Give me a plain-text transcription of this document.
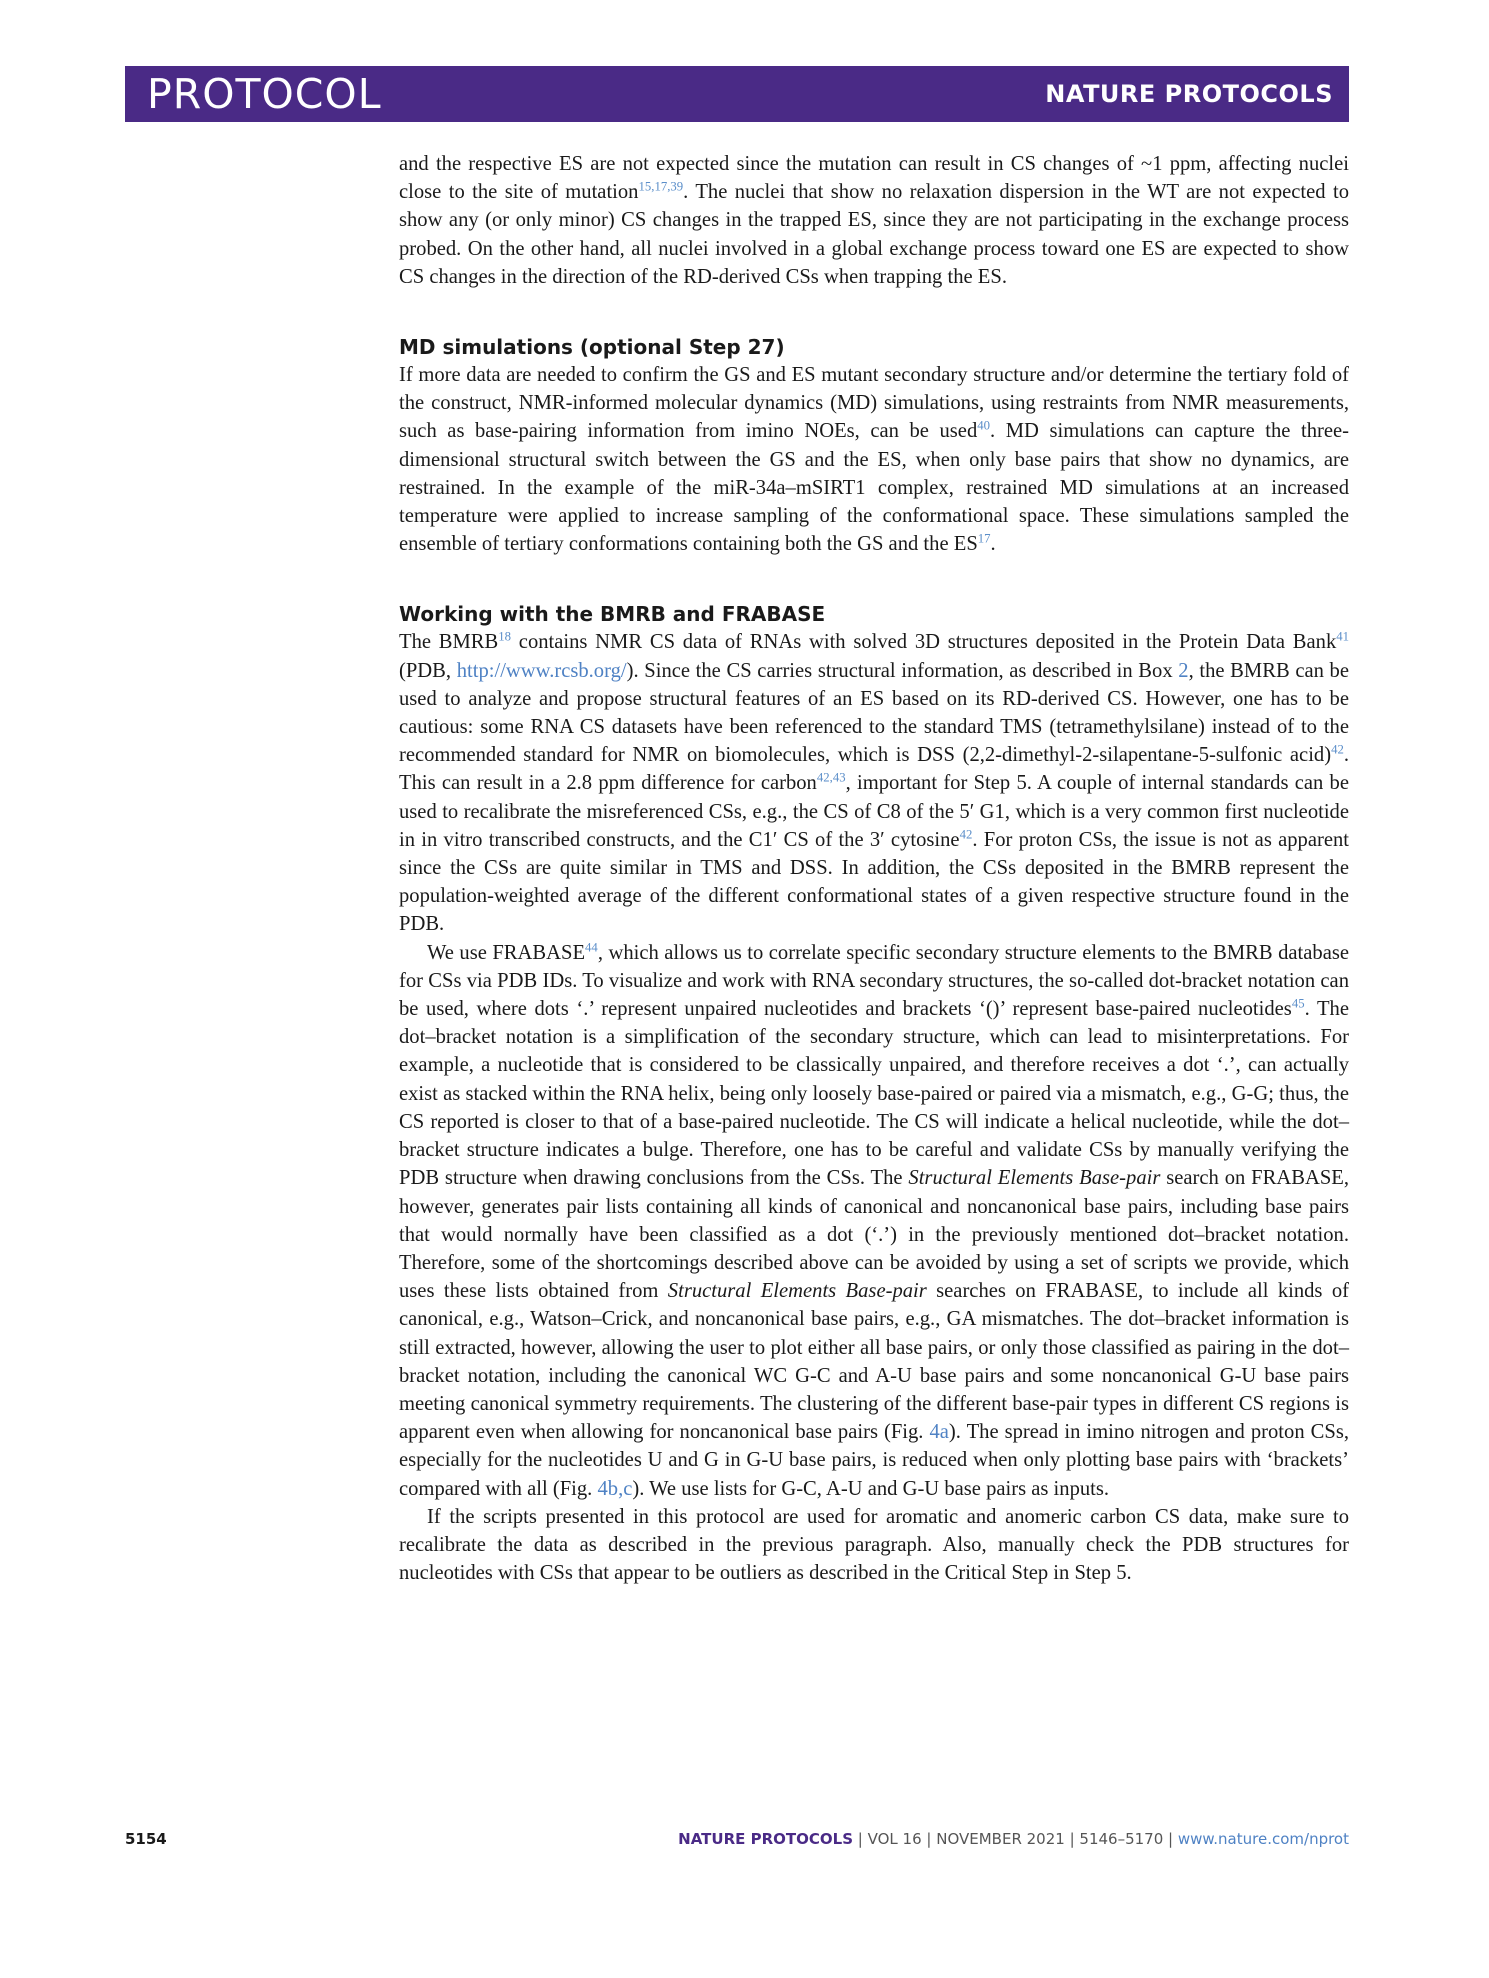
PROTOCOL	NATURE PROTOCOLS

and the respective ES are not expected since the mutation can result in CS changes of ~1 ppm, affecting nuclei close to the site of mutation$^{15,17,39}$. The nuclei that show no relaxation dispersion in the WT are not expected to show any (or only minor) CS changes in the trapped ES, since they are not participating in the exchange process probed. On the other hand, all nuclei involved in a global exchange process toward one ES are expected to show CS changes in the direction of the RD-derived CSs when trapping the ES.

MD simulations (optional Step 27)

If more data are needed to confirm the GS and ES mutant secondary structure and/or determine the tertiary fold of the construct, NMR-informed molecular dynamics (MD) simulations, using restraints from NMR measurements, such as base-pairing information from imino NOEs, can be used$^{40}$. MD simulations can capture the three-dimensional structural switch between the GS and the ES, when only base pairs that show no dynamics, are restrained. In the example of the miR-34a–mSIRT1 complex, restrained MD simulations at an increased temperature were applied to increase sampling of the conformational space. These simulations sampled the ensemble of tertiary conformations containing both the GS and the ES$^{17}$.

Working with the BMRB and FRABASE

The BMRB$^{18}$ contains NMR CS data of RNAs with solved 3D structures deposited in the Protein Data Bank$^{41}$ (PDB, http://www.rcsb.org/). Since the CS carries structural information, as described in Box 2, the BMRB can be used to analyze and propose structural features of an ES based on its RD-derived CS. However, one has to be cautious: some RNA CS datasets have been referenced to the standard TMS (tetramethylsilane) instead of to the recommended standard for NMR on biomolecules, which is DSS (2,2-dimethyl-2-silapentane-5-sulfonic acid)$^{42}$. This can result in a 2.8 ppm difference for carbon$^{42,43}$, important for Step 5. A couple of internal standards can be used to recalibrate the misreferenced CSs, e.g., the CS of C8 of the 5′ G1, which is a very common first nucleotide in in vitro transcribed constructs, and the C1′ CS of the 3′ cytosine$^{42}$. For proton CSs, the issue is not as apparent since the CSs are quite similar in TMS and DSS. In addition, the CSs deposited in the BMRB represent the population-weighted average of the different conformational states of a given respective structure found in the PDB.

We use FRABASE$^{44}$, which allows us to correlate specific secondary structure elements to the BMRB database for CSs via PDB IDs. To visualize and work with RNA secondary structures, the so-called dot-bracket notation can be used, where dots ‘.’ represent unpaired nucleotides and brackets ‘()’ represent base-paired nucleotides$^{45}$. The dot–bracket notation is a simplification of the secondary structure, which can lead to misinterpretations. For example, a nucleotide that is considered to be classically unpaired, and therefore receives a dot ‘.’, can actually exist as stacked within the RNA helix, being only loosely base-paired or paired via a mismatch, e.g., G-G; thus, the CS reported is closer to that of a base-paired nucleotide. The CS will indicate a helical nucleotide, while the dot–bracket structure indicates a bulge. Therefore, one has to be careful and validate CSs by manually verifying the PDB structure when drawing conclusions from the CSs. The Structural Elements Base-pair search on FRABASE, however, generates pair lists containing all kinds of canonical and noncanonical base pairs, including base pairs that would normally have been classified as a dot (‘.’) in the previously mentioned dot–bracket notation. Therefore, some of the shortcomings described above can be avoided by using a set of scripts we provide, which uses these lists obtained from Structural Elements Base-pair searches on FRABASE, to include all kinds of canonical, e.g., Watson–Crick, and noncanonical base pairs, e.g., GA mismatches. The dot–bracket information is still extracted, however, allowing the user to plot either all base pairs, or only those classified as pairing in the dot–bracket notation, including the canonical WC G-C and A-U base pairs and some noncanonical G-U base pairs meeting canonical symmetry requirements. The clustering of the different base-pair types in different CS regions is apparent even when allowing for noncanonical base pairs (Fig. 4a). The spread in imino nitrogen and proton CSs, especially for the nucleotides U and G in G-U base pairs, is reduced when only plotting base pairs with ‘brackets’ compared with all (Fig. 4b,c). We use lists for G-C, A-U and G-U base pairs as inputs.

If the scripts presented in this protocol are used for aromatic and anomeric carbon CS data, make sure to recalibrate the data as described in the previous paragraph. Also, manually check the PDB structures for nucleotides with CSs that appear to be outliers as described in the Critical Step in Step 5.

5154	NATURE PROTOCOLS | VOL 16 | NOVEMBER 2021 | 5146–5170 | www.nature.com/nprot
